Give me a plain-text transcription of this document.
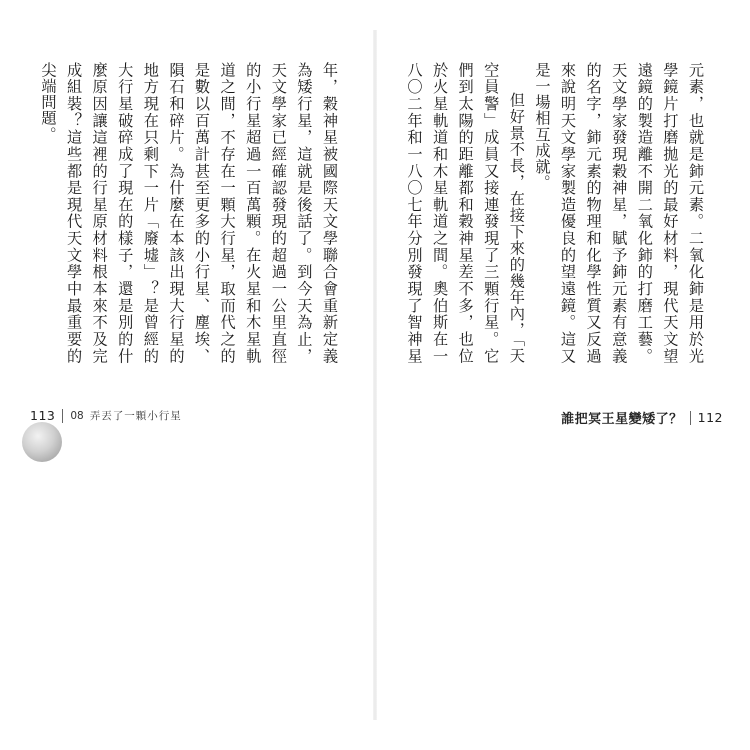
年，穀神星被國際天文學聯合會重新定義為矮行星，這就是後話了。到今天為止，天文學家已經確認發現的超過一公里直徑的小行星超過一百萬顆。在火星和木星軌道之間，不存在一顆大行星，取而代之的是數以百萬計甚至更多的小行星、塵埃、隕石和碎片。為什麼在本該出現大行星的地方現在只剩下一片「廢墟」？是曾經的大行星破碎成了現在的樣子，還是別的什麼原因讓這裡的行星原材料根本來不及完成組裝？這些都是現代天文學中最重要的尖端問題。

113 08 弄丟了一顆小行星	誰把冥王星變矮了？ 112

元素，也就是鈰元素。二氧化鈰是用於光學鏡片打磨拋光的最好材料，現代天文望遠鏡的製造離不開二氧化鈰的打磨工藝。天文學家發現穀神星，賦予鈰元素有意義的名字，鈰元素的物理和化學性質又反過來說明天文學家製造優良的望遠鏡。這又是一場相互成就。

但好景不長，在接下來的幾年內，「天空員警」成員又接連發現了三顆行星。它們到太陽的距離都和穀神星差不多，也位於火星軌道和木星軌道之間。奧伯斯在一八〇二年和一八〇七年分別發現了智神星
